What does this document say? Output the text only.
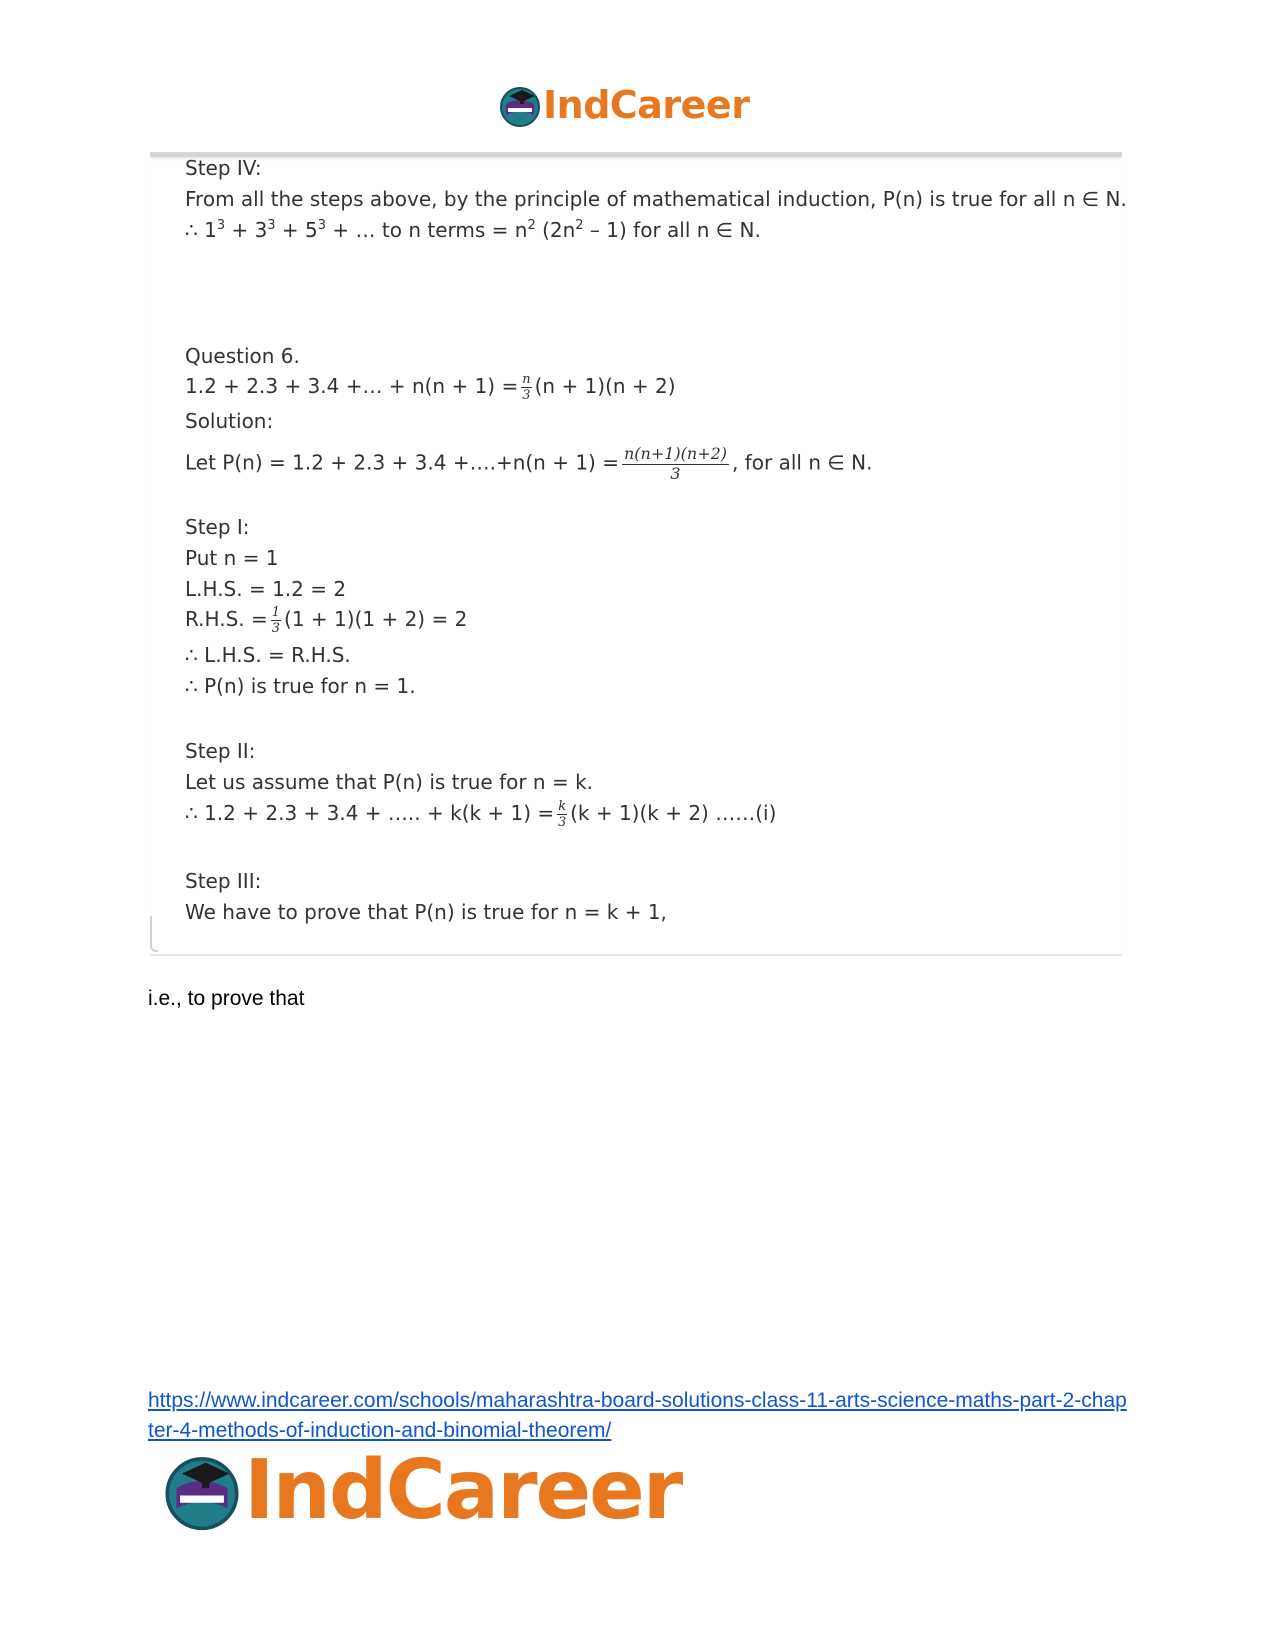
IndCareer
Step IV:
From all the steps above, by the principle of mathematical induction, P(n) is true for all n ∈ N.
∴ $1^3 + 3^3 + 5^3$ + … to n terms = $n^2$ $(2n^2 - 1)$ for all n ∈ N.
Question 6.
1.2 + 2.3 + 3.4 +… + $n(n + 1) = \frac{n}{3} (n + 1)(n + 2)$
Solution:
Let P(n) = 1.2 + 2.3 + 3.4 +….+n(n + $1) = \frac{n(n+1)(n+2)}{3}$ , for all n ∈ N.
Step I:
Put n = 1
L.H.S. = 1.2 = 2
R.H.S. = $\frac{1}{3} (1 + 1)(1 + 2) = 2$
∴ L.H.S. = R.H.S.
∴ P(n) is true for n = 1.
Step II:
Let us assume that P(n) is true for n = k.
∴ 1.2 + 2.3 + 3.4 + ….. + $k(k + 1) = \frac{k}{3} (k + 1)(k + 2)$ ……(i)
Step III:
We have to prove that P(n) is true for n = k + 1,
i.e., to prove that
https://www.indcareer.com/schools/maharashtra-board-solutions-class-11-arts-science-maths-part-2-chapter-4-methods-of-induction-and-binomial-theorem/
IndCareer
